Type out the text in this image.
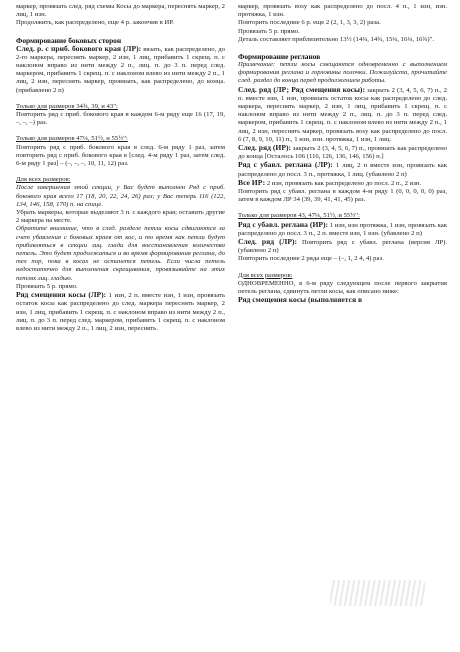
маркер, провязать след. ряд схемы Косы до маркера, переснять маркер, 2 лиц, 1 изн.

Продолжить, как распределено, еще 4 р. закончив в ИР.

Формирование боковых сторон

След. р. с приб. бокового края (ЛР): вязать, как распределено, до 2-го маркера, переснять маркер, 2 изн, 1 лиц, прибавить 1 скрещ. п. с наклоном вправо из нити между 2 п., лиц. п. до 3 п. перед след. маркером, прибавить 1 скрещ. п. с наклоном влево из нити между 2 п., 1 лиц, 2 изн, переснять маркер, провязать, как распределено, до конца. (прибавлено 2 п)

Только для размеров 34¾, 39, и 43":

Повторить ряд с приб. бокового края в каждом 6-м ряду еще 16 (17, 19, –, –, –) раз.

Только для размеров 47¼, 51½, и 55½":

Повторить ряд с приб. бокового края в след. 6-м ряду 1 раз, затем повторить ряд с приб. бокового края в [след. 4-м ряду 1 раз, затем след. 6-м ряду 1 раз] – (–, –, –, 10, 11, 12) раз.

Для всех размеров:

После завершения этой секции, у Вас будет выполнен Ряд с приб. бокового края всего 17 (18, 20, 22, 24, 26) раз; у Вас теперь 116 (122, 134, 146, 158, 170) п. на спице.

Убрать маркеры, которые выделяют 3 п. с каждого края; оставить другие 2 маркера на месте.

Обратите внимание, что в след. разделе петли косы сдвигаются за счет убавления с боковых краев от кос, и то время как петли будут прибавляться в секции лиц. глади для восстановления количества петель. Это будет продолжаться и во время формирования реглана, до тех пор, пока в косах не останется петель. Если числа петель недостаточно для выполнения скрещивания, провязывайте на этих петлях лиц. гладью.

Провязать 5 р. прямо.

Ряд смещения косы (ЛР): 1 изн, 2 п. вместе изн, 1 изн, провязать остаток косы как распределено до след. маркера переснять маркер, 2 изн, 1 лиц, прибавить 1 скрещ. п. с наклоном вправо из нити между 2 п., лиц. п. до 3 п. перед след. маркером, прибавить 1 скрещ. п. с наклоном влево из нити между 2 п., 1 лиц, 2 изн, переснять.

маркер, провязать вosy как распределено до посл. 4 п., 1 изн, изн. протяжка, 1 изн.

Повторить последние 6 р. еще 2 (2, 1, 3, 3, 2) раза.

Провязать 5 р. прямо.

Деталь составляет приблизительно 13½ (14¼, 14¾, 15¼, 16¼, 16¾)".

Формирование регланов

Примечание: петли косы смещаются одновременно с выполнением формирования реглана и горловины полочки. Пожалуйста, прочитайте след. раздел до конца перед продолжением работы.

След. ряд (ЛР; Ряд смещения косы): закрыть 2 (3, 4, 5, 6, 7) п., 2 п. вместе изн, 1 изн, провязать остаток косы как распределено до след. маркера, переснять маркер, 2 изн, 1 лиц, прибавить 1 скрещ. п. с наклоном вправо из нити между 2 п., лиц. п. до 3 п. перед след. маркером, прибавить 1 скрещ. п. с наклоном влево из нити между 2 п., 1 лиц, 2 изн, переснять маркер, провязать вosy как распределено до посл. 6 (7, 8, 9, 10, 11) п., 1 изн, изн. протяжка, 1 изн, 1 лиц.

След. ряд (ИР): закрыть 2 (3, 4, 5, 6, 7) п., провязать как распределено до конца [Осталось 106 (116, 126, 136, 146, 156) п.]

Ряд с убавл. реглана (ЛР): 1 лиц, 2 п вместе изн, провязать как распределено до посл. 3 п., протяжка, 1 лиц. (убавлено 2 п)

Все ИР: 2 изн, провязать как распределено до посл. 2 п., 2 изн.

Повторить ряд с убавл. реглана в каждом 4-м ряду 1 (0, 0, 0, 0, 0) раз, затем в каждом ЛР 34 (39, 39, 41, 41, 45) раз.

Только для размеров 43, 47¼, 51½, и 55½":

Ряд с убавл. реглана (ИР): 1 изн, изн протяжка, 1 изн, провязать как распределено до посл. 3 п., 2 п. вместе изн, 1 изн. (убавлено 2 п)

След. ряд (ЛР): Повторить ряд с убавл. реглана (версия ЛР). (убавлено 2 п)

Повторить последние 2 ряда еще – (–, 1, 2 4, 4) раз.

Для всех размеров:

ОДНОВРЕМЕННО, в 6-м ряду следующем после первого закрытия петель реглана, сдвинуть петли косы, как описано ниже:

Ряд смещения косы (выполняется в
